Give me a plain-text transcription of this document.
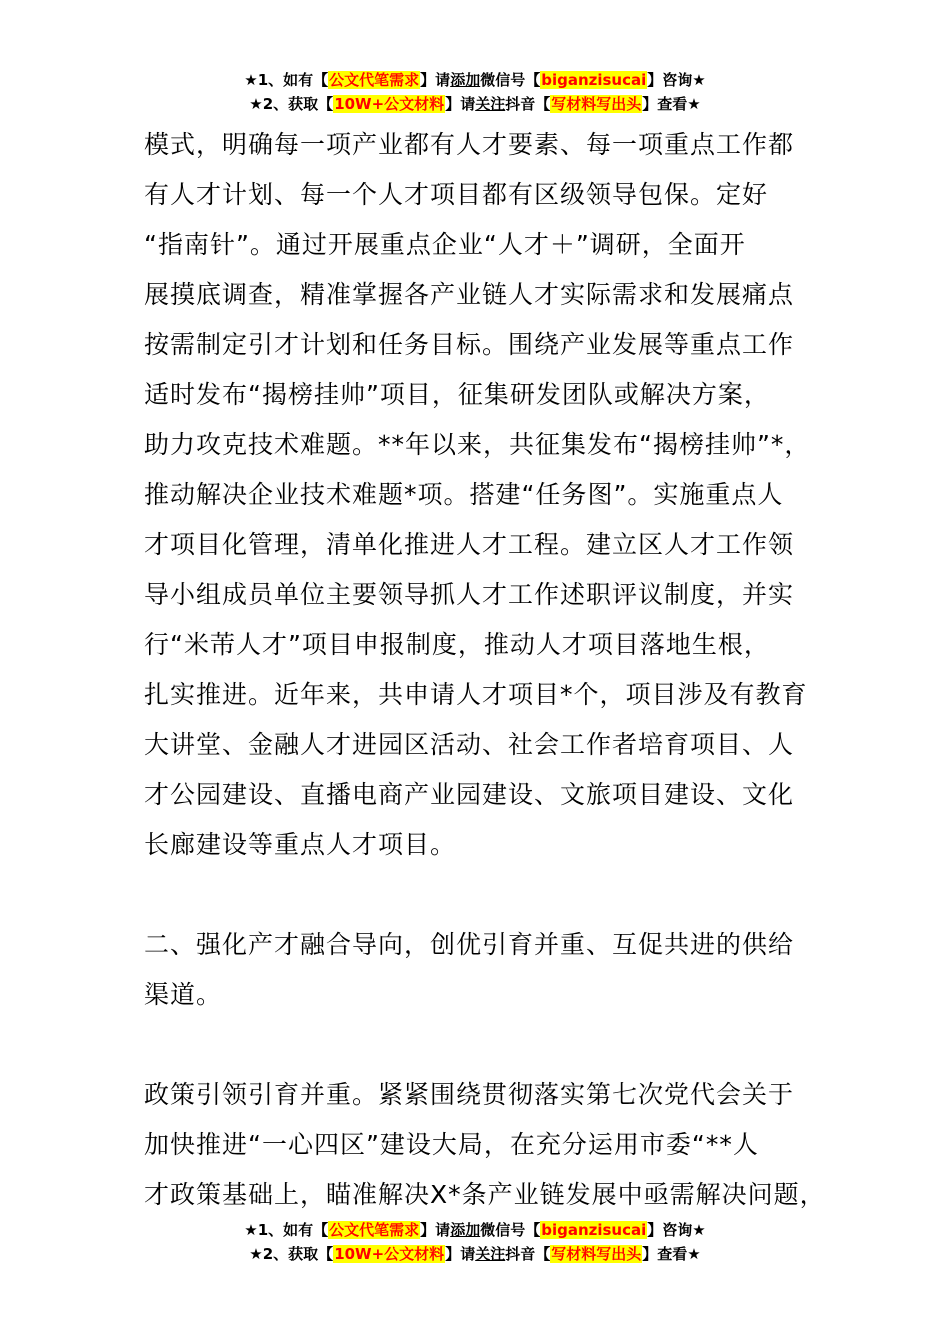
★1、如有【公文代笔需求】请添加微信号【biganzisucai】咨询★
★2、获取【10W+公文材料】请关注抖音【写材料写出头】查看★

模式，明确每一项产业都有人才要素、每一项重点工作都

有人才计划、每一个人才项目都有区级领导包保。定好

“指南针”。通过开展重点企业“人才＋”调研，全面开

展摸底调查，精准掌握各产业链人才实际需求和发展痛点

按需制定引才计划和任务目标。围绕产业发展等重点工作

适时发布“揭榜挂帅”项目，征集研发团队或解决方案，

助力攻克技术难题。**年以来，共征集发布“揭榜挂帅”*，

推动解决企业技术难题*项。搭建“任务图”。实施重点人

才项目化管理，清单化推进人才工程。建立区人才工作领

导小组成员单位主要领导抓人才工作述职评议制度，并实

行“米芾人才”项目申报制度，推动人才项目落地生根，

扎实推进。近年来，共申请人才项目*个，项目涉及有教育

大讲堂、金融人才进园区活动、社会工作者培育项目、人

才公园建设、直播电商产业园建设、文旅项目建设、文化

长廊建设等重点人才项目。

二、强化产才融合导向，创优引育并重、互促共进的供给

渠道。

政策引领引育并重。紧紧围绕贯彻落实第七次党代会关于

加快推进“一心四区”建设大局，在充分运用市委“**人

才政策基础上，瞄准解决X*条产业链发展中亟需解决问题，

★1、如有【公文代笔需求】请添加微信号【biganzisucai】咨询★
★2、获取【10W+公文材料】请关注抖音【写材料写出头】查看★
